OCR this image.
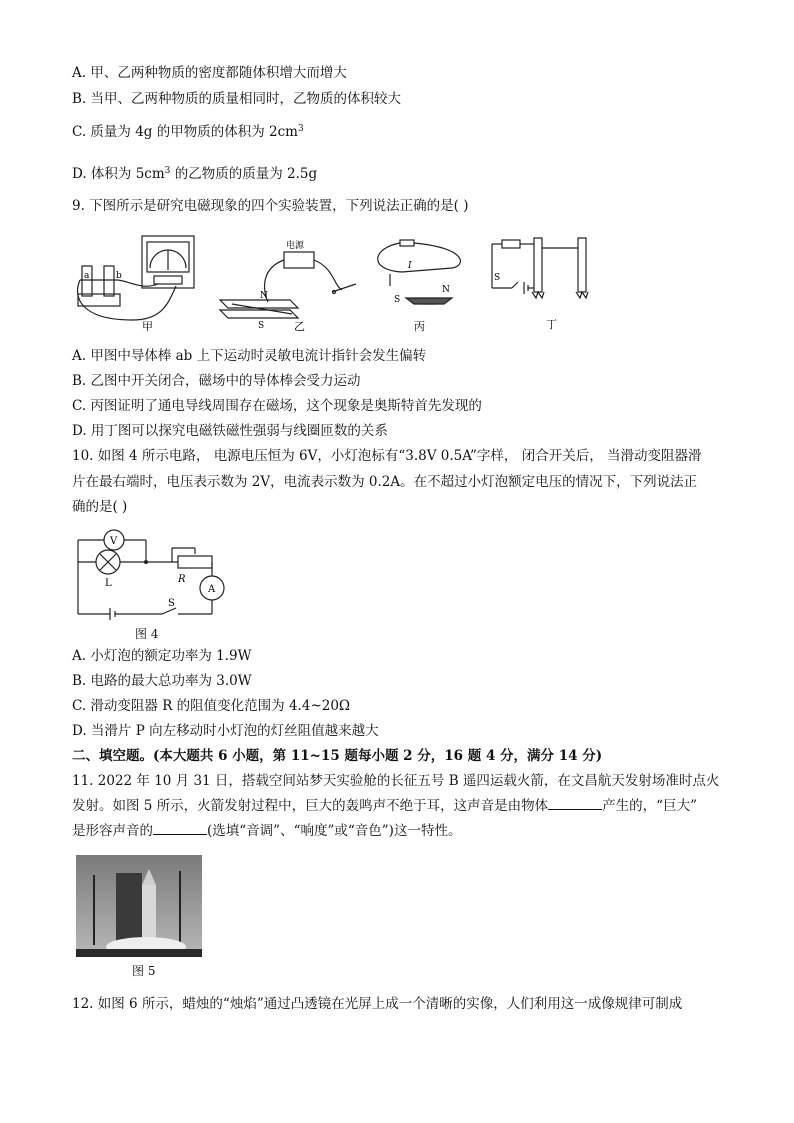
A. 甲、乙两种物质的密度都随体积增大而增大
B. 当甲、乙两种物质的质量相同时，乙物质的体积较大
C. 质量为 4g 的甲物质的体积为 $2cm^3$
D. 体积为 $5cm^3$ 的乙物质的质量为 2.5g
9. 下图所示是研究电磁现象的四个实验装置，下列说法正确的是( )
a	b
甲
电源
N
S	乙
I
S
N
丙
S
丁
A. 甲图中导体棒 ab 上下运动时灵敏电流计指针会发生偏转
B. 乙图中开关闭合，磁场中的导体棒会受力运动
C. 丙图证明了通电导线周围存在磁场，这个现象是奥斯特首先发现的
D. 用丁图可以探究电磁铁磁性强弱与线圈匝数的关系
10. 如图 4 所示电路， 电源电压恒为 6V，小灯泡标有“3.8V 0.5A”字样， 闭合开关后， 当滑动变阻器滑
片在最右端时，电压表示数为 2V，电流表示数为 0.2A。在不超过小灯泡额定电压的情况下，下列说法正
确的是( )
V
L	R
A
S
图 4
A. 小灯泡的额定功率为 1.9W
B. 电路的最大总功率为 3.0W
C. 滑动变阻器 R 的阻值变化范围为 4.4~20Ω
D. 当滑片 P 向左移动时小灯泡的灯丝阻值越来越大
二、填空题。(本大题共 6 小题，第 11~15 题每小题 2 分，16 题 4 分，满分 14 分)
11. 2022 年 10 月 31 日，搭载空间站梦天实验舱的长征五号 B 遥四运载火箭，在文昌航天发射场准时点火
发射。如图 5 所示，火箭发射过程中，巨大的轰鸣声不绝于耳，这声音是由物体	产生的，“巨大”
是形容声音的	(选填“音调”、“响度”或“音色”)这一特性。
图 5
12. 如图 6 所示，蜡烛的“烛焰”通过凸透镜在光屏上成一个清晰的实像，人们利用这一成像规律可制成
